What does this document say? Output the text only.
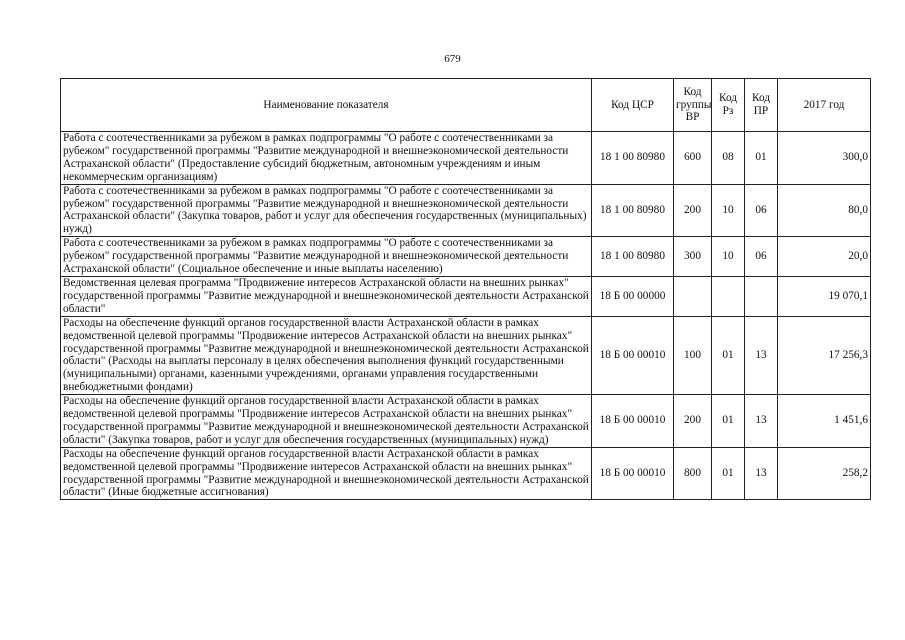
679
Наименование показателя	Код ЦСР	Код группы ВР	Код Рз	Код ПР	2017 год
Работа с соотечественниками за рубежом в рамках подпрограммы "О работе с соотечественниками за рубежом" государственной программы "Развитие международной и внешнеэкономической деятельности Астраханской области" (Предоставление субсидий бюджетным, автономным учреждениям и иным некоммерческим организациям)	18 1 00 80980	600	08	01	300,0
Работа с соотечественниками за рубежом в рамках подпрограммы "О работе с соотечественниками за рубежом" государственной программы "Развитие международной и внешнеэкономической деятельности Астраханской области" (Закупка товаров, работ и услуг для обеспечения государственных (муниципальных) нужд)	18 1 00 80980	200	10	06	80,0
Работа с соотечественниками за рубежом в рамках подпрограммы "О работе с соотечественниками за рубежом" государственной программы "Развитие международной и внешнеэкономической деятельности Астраханской области" (Социальное обеспечение и иные выплаты населению)	18 1 00 80980	300	10	06	20,0
Ведомственная целевая программа "Продвижение интересов Астраханской области на внешних рынках" государственной программы "Развитие международной и внешнеэкономической деятельности Астраханской области"	18 Б 00 00000				19 070,1
Расходы на обеспечение функций органов государственной власти Астраханской области в рамках ведомственной целевой программы "Продвижение интересов Астраханской области на внешних рынках" государственной программы "Развитие международной и внешнеэкономической деятельности Астраханской области" (Расходы на выплаты персоналу в целях обеспечения выполнения функций государственными (муниципальными) органами, казенными учреждениями, органами управления государственными внебюджетными фондами)	18 Б 00 00010	100	01	13	17 256,3
Расходы на обеспечение функций органов государственной власти Астраханской области в рамках ведомственной целевой программы "Продвижение интересов Астраханской области на внешних рынках" государственной программы "Развитие международной и внешнеэкономической деятельности Астраханской области" (Закупка товаров, работ и услуг для обеспечения государственных (муниципальных) нужд)	18 Б 00 00010	200	01	13	1 451,6
Расходы на обеспечение функций органов государственной власти Астраханской области в рамках ведомственной целевой программы "Продвижение интересов Астраханской области на внешних рынках" государственной программы "Развитие международной и внешнеэкономической деятельности Астраханской области" (Иные бюджетные ассигнования)	18 Б 00 00010	800	01	13	258,2
